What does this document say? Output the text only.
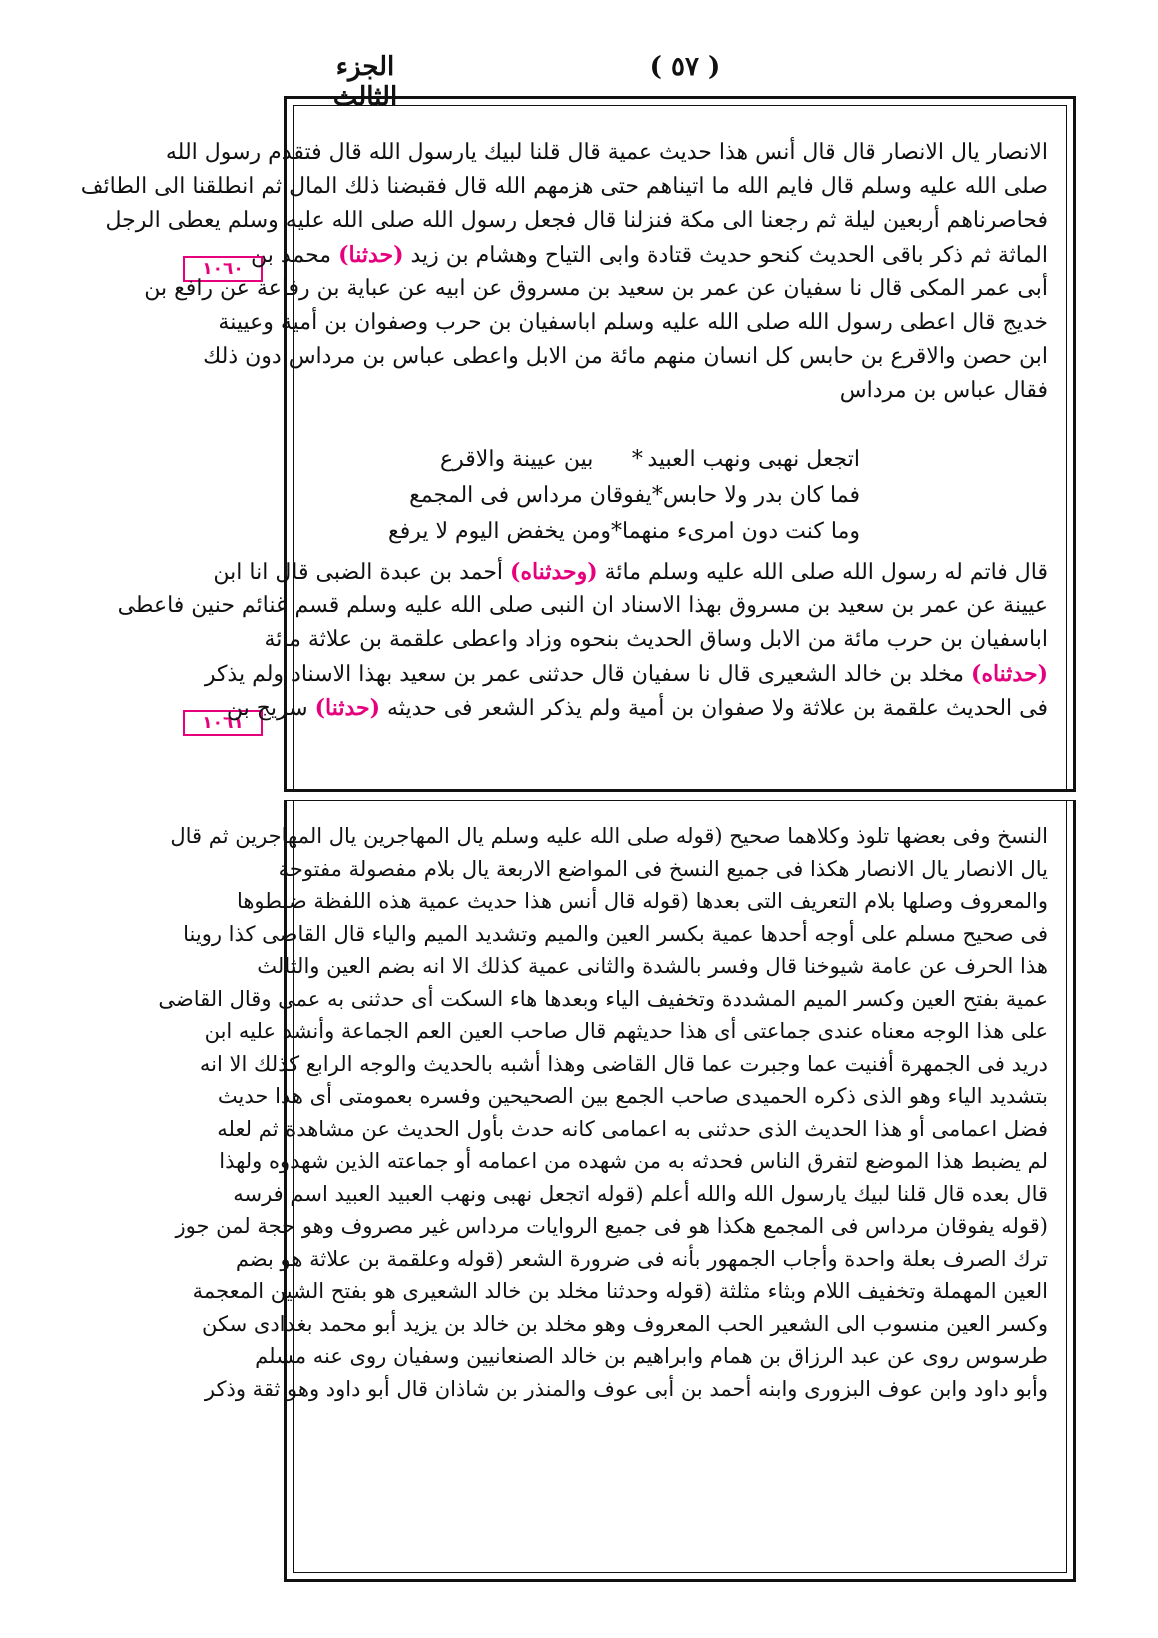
الجزء الثالث
( ٥٧ )
١٠٦٠
١٠٦١
الانصار يال الانصار قال قال أنس هذا حديث عمية قال قلنا لبيك يارسول الله قال فتقدم رسول الله
صلى الله عليه وسلم قال فايم الله ما اتيناهم حتى هزمهم الله قال فقبضنا ذلك المال ثم انطلقنا الى الطائف
فحاصرناهم أربعين ليلة ثم رجعنا الى مكة فنزلنا قال فجعل رسول الله صلى الله عليه وسلم يعطى الرجل
الماثة ثم ذكر باقى الحديث كنحو حديث قتادة وابى التياح وهشام بن زيد (حدثنا) محمد بن
أبى عمر المكى قال نا سفيان عن عمر بن سعيد بن مسروق عن ابيه عن عباية بن رفاعة عن رافع بن
خديج قال اعطى رسول الله صلى الله عليه وسلم اباسفيان بن حرب وصفوان بن أمية وعيينة
ابن حصن والاقرع بن حابس كل انسان منهم مائة من الابل واعطى عباس بن مرداس دون ذلك
فقال عباس بن مرداس
اتجعل نهبى ونهب العبيد
*
بين عيينة والاقرع
فما كان بدر ولا حابس
*
يفوقان مرداس فى المجمع
وما كنت دون امرىء منهما
*
ومن يخفض اليوم لا يرفع
قال فاتم له رسول الله صلى الله عليه وسلم مائة (وحدثناه) أحمد بن عبدة الضبى قال انا ابن
عيينة عن عمر بن سعيد بن مسروق بهذا الاسناد ان النبى صلى الله عليه وسلم قسم غنائم حنين فاعطى
اباسفيان بن حرب مائة من الابل وساق الحديث بنحوه وزاد واعطى علقمة بن علاثة مائة
(حدثناه) مخلد بن خالد الشعيرى قال نا سفيان قال حدثنى عمر بن سعيد بهذا الاسناد ولم يذكر
فى الحديث علقمة بن علاثة ولا صفوان بن أمية ولم يذكر الشعر فى حديثه (حدثنا) سريج بن
النسخ وفى بعضها تلوذ وكلاهما صحيح (قوله صلى الله عليه وسلم يال المهاجرين يال المهاجرين ثم قال
يال الانصار يال الانصار هكذا فى جميع النسخ فى المواضع الاربعة يال بلام مفصولة مفتوحة
والمعروف وصلها بلام التعريف التى بعدها (قوله قال أنس هذا حديث عمية هذه اللفظة ضبطوها
فى صحيح مسلم على أوجه أحدها عمية بكسر العين والميم وتشديد الميم والياء قال القاضى كذا روينا
هذا الحرف عن عامة شيوخنا قال وفسر بالشدة والثانى عمية كذلك الا انه بضم العين والثالث
عمية بفتح العين وكسر الميم المشددة وتخفيف الياء وبعدها هاء السكت أى حدثنى به عمى وقال القاضى
على هذا الوجه معناه عندى جماعتى أى هذا حديثهم قال صاحب العين العم الجماعة وأنشد عليه ابن
دريد فى الجمهرة أفنيت عما وجبرت عما قال القاضى وهذا أشبه بالحديث والوجه الرابع كذلك الا انه
بتشديد الياء وهو الذى ذكره الحميدى صاحب الجمع بين الصحيحين وفسره بعمومتى أى هذا حديث
فضل اعمامى أو هذا الحديث الذى حدثنى به اعمامى كانه حدث بأول الحديث عن مشاهدة ثم لعله
لم يضبط هذا الموضع لتفرق الناس فحدثه به من شهده من اعمامه أو جماعته الذين شهدوه ولهذا
قال بعده قال قلنا لبيك يارسول الله والله أعلم (قوله اتجعل نهبى ونهب العبيد العبيد اسم فرسه
(قوله يفوقان مرداس فى المجمع هكذا هو فى جميع الروايات مرداس غير مصروف وهو حجة لمن جوز
ترك الصرف بعلة واحدة وأجاب الجمهور بأنه فى ضرورة الشعر (قوله وعلقمة بن علاثة هو بضم
العين المهملة وتخفيف اللام وبثاء مثلثة (قوله وحدثنا مخلد بن خالد الشعيرى هو بفتح الشين المعجمة
وكسر العين منسوب الى الشعير الحب المعروف وهو مخلد بن خالد بن يزيد أبو محمد بغدادى سكن
طرسوس روى عن عبد الرزاق بن همام وابراهيم بن خالد الصنعانيين وسفيان روى عنه مسلم
وأبو داود وابن عوف البزورى وابنه أحمد بن أبى عوف والمنذر بن شاذان قال أبو داود وهو ثقة وذكر
